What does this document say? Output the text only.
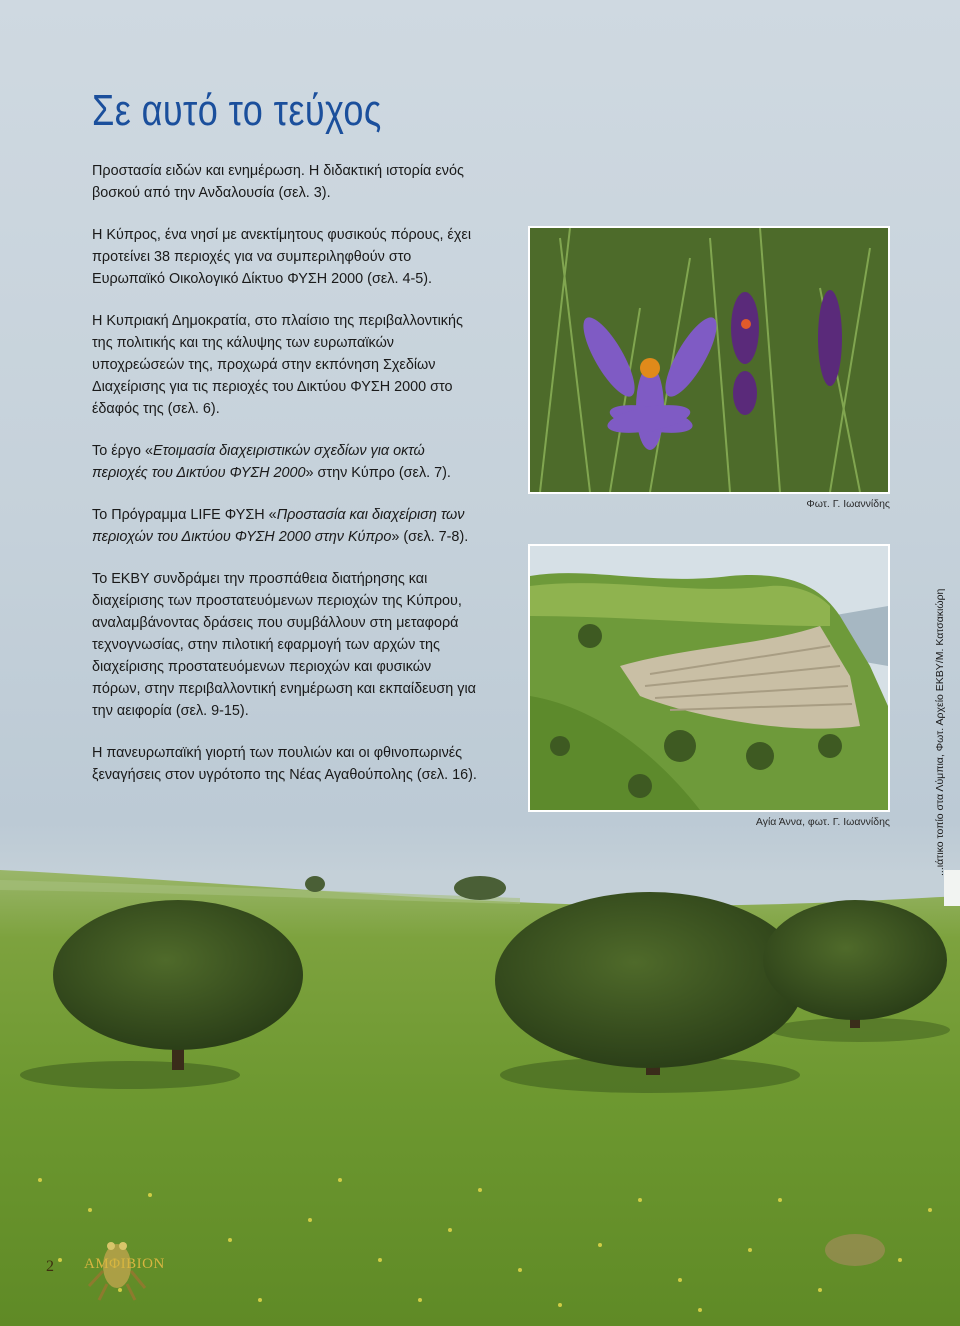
Σε αυτό το τεύχος

Προστασία ειδών και ενημέρωση. Η διδακτική ιστορία ενός βοσκού από την Ανδαλουσία (σελ. 3).

Η Κύπρος, ένα νησί με ανεκτίμητους φυσικούς πόρους, έχει προτείνει 38 περιοχές για να συμπεριληφθούν στο Ευρωπαϊκό Οικολογικό Δίκτυο ΦΥΣΗ 2000 (σελ. 4-5).

Η Κυπριακή Δημοκρατία, στο πλαίσιο της περιβαλλοντικής της πολιτικής και της κάλυψης των ευρωπαϊκών υποχρεώσεών της, προχωρά στην εκπόνηση Σχεδίων Διαχείρισης για τις περιοχές του Δικτύου ΦΥΣΗ 2000 στο έδαφός της (σελ. 6).

Το έργο «Ετοιμασία διαχειριστικών σχεδίων για οκτώ περιοχές του Δικτύου ΦΥΣΗ 2000» στην Κύπρο (σελ. 7).

Το Πρόγραμμα LIFE ΦΥΣΗ «Προστασία και διαχείριση των περιοχών του Δικτύου ΦΥΣΗ 2000 στην Κύπρο» (σελ. 7-8).

Το ΕΚΒΥ συνδράμει την προσπάθεια διατήρησης και διαχείρισης των προστατευόμενων περιοχών της Κύπρου, αναλαμβάνοντας δράσεις που συμβάλλουν στη μεταφορά τεχνογνωσίας, στην πιλοτική εφαρμογή των αρχών της διαχείρισης προστατευόμενων περιοχών και φυσικών πόρων, στην περιβαλλοντική ενημέρωση και εκπαίδευση για την αειφορία (σελ. 9-15).

Η πανευρωπαϊκή γιορτή των πουλιών και οι φθινοπωρινές ξεναγήσεις στον υγρότοπο της Νέας Αγαθούπολης (σελ. 16).

Φωτ. Γ. Ιωαννίδης
Αγία Άννα, φωτ. Γ. Ιωαννίδης	...ιάτικο τοπίο στα Λύμπια, Φωτ. Αρχείο ΕΚΒΥ/Μ. Κατσακιώρη
2 ΑΜΦΙΒΙΟΝ
